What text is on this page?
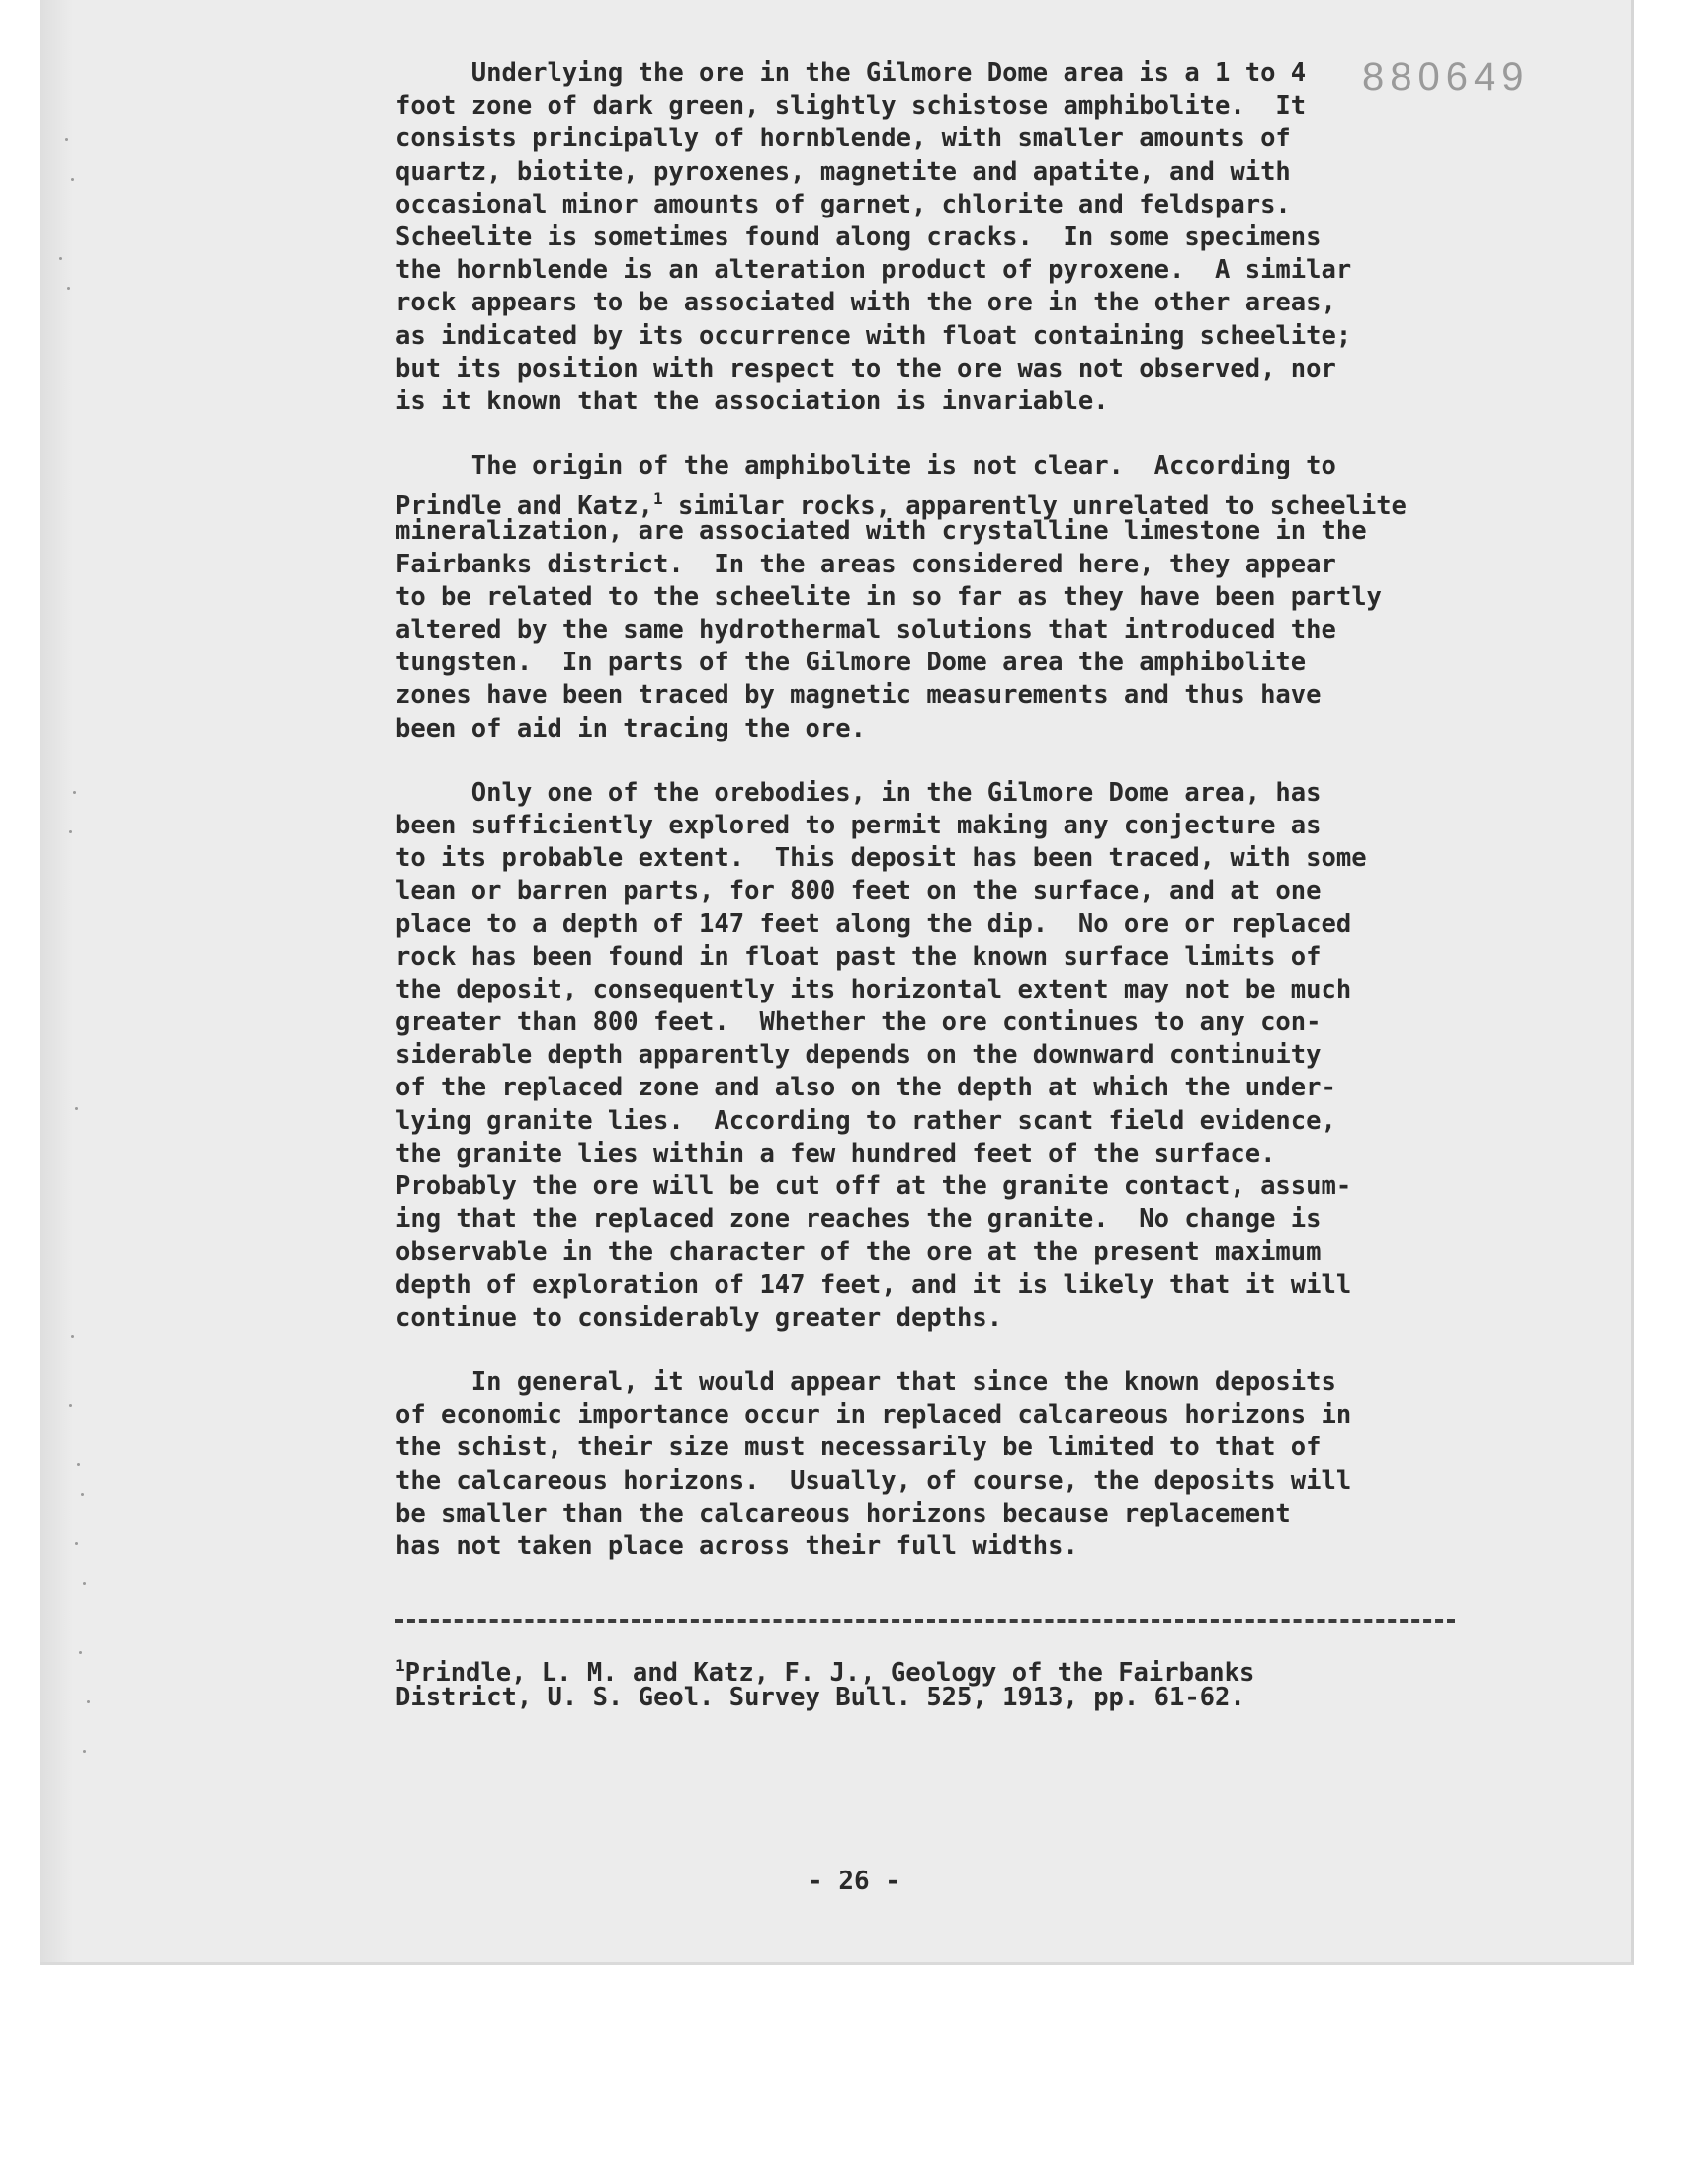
880649
Underlying the ore in the Gilmore Dome area is a 1 to 4
foot zone of dark green, slightly schistose amphibolite.  It
consists principally of hornblende, with smaller amounts of
quartz, biotite, pyroxenes, magnetite and apatite, and with
occasional minor amounts of garnet, chlorite and feldspars.
Scheelite is sometimes found along cracks.  In some specimens
the hornblende is an alteration product of pyroxene.  A similar
rock appears to be associated with the ore in the other areas,
as indicated by its occurrence with float containing scheelite;
but its position with respect to the ore was not observed, nor
is it known that the association is invariable.
The origin of the amphibolite is not clear.  According to
Prindle and Katz,$^1$ similar rocks, apparently unrelated to scheelite
mineralization, are associated with crystalline limestone in the
Fairbanks district.  In the areas considered here, they appear
to be related to the scheelite in so far as they have been partly
altered by the same hydrothermal solutions that introduced the
tungsten.  In parts of the Gilmore Dome area the amphibolite
zones have been traced by magnetic measurements and thus have
been of aid in tracing the ore.
Only one of the orebodies, in the Gilmore Dome area, has
been sufficiently explored to permit making any conjecture as
to its probable extent.  This deposit has been traced, with some
lean or barren parts, for 800 feet on the surface, and at one
place to a depth of 147 feet along the dip.  No ore or replaced
rock has been found in float past the known surface limits of
the deposit, consequently its horizontal extent may not be much
greater than 800 feet.  Whether the ore continues to any con-
siderable depth apparently depends on the downward continuity
of the replaced zone and also on the depth at which the under-
lying granite lies.  According to rather scant field evidence,
the granite lies within a few hundred feet of the surface.
Probably the ore will be cut off at the granite contact, assum-
ing that the replaced zone reaches the granite.  No change is
observable in the character of the ore at the present maximum
depth of exploration of 147 feet, and it is likely that it will
continue to considerably greater depths.
In general, it would appear that since the known deposits
of economic importance occur in replaced calcareous horizons in
the schist, their size must necessarily be limited to that of
the calcareous horizons.  Usually, of course, the deposits will
be smaller than the calcareous horizons because replacement
has not taken place across their full widths.
$^1$Prindle, L. M. and Katz, F. J., Geology of the Fairbanks
District, U. S. Geol. Survey Bull. 525, 1913, pp. 61-62.
- 26 -
